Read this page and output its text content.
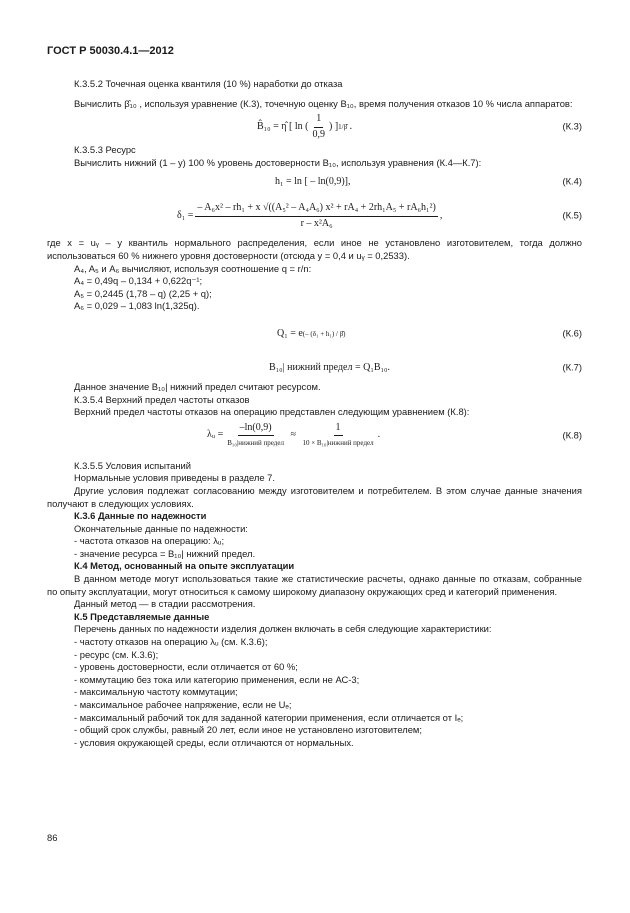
ГОСТ Р 50030.4.1—2012

К.3.5.2 Точечная оценка квантиля (10 %) наработки до отказа

Вычислить β̂₁₀ , используя уравнение (К.3), точечную оценку B₁₀, время получения отказов 10 % числа аппаратов:

B̂₁₀ = η̂ [ ln ( $\frac{1}{0,9}$ ) ] 1/β̂ .	(К.3)

К.3.5.3 Ресурс

Вычислить нижний (1 – y) 100 % уровень достоверности B₁₀, используя уравнения (К.4—К.7):

h₁ = ln [ – ln(0,9)],	(К.4)
$\delta_1 = \frac{\text{– A₆x² – rh₁ + x √((A₅² – A₄A₆) x² + rA₄ + 2rh₁A₅ + rA₆h₁²)}}{\text{r – x²A₆}}$ ,	(К.5)

где x = uᵧ – y квантиль нормального распределения, если иное не установлено изготовителем, тогда должно использоваться 60 % нижнего уровня достоверности (отсюда y = 0,4 и uᵧ = 0,2533).

A₄, A₅ и A₆ вычисляют, используя соотношение q = r/n:

A₄ = 0,49q – 0,134 + 0,622q⁻¹;

A₅ = 0,2445 (1,78 – q) (2,25 + q);

A₆ = 0,029 – 1,083 ln(1,325q).

Q₁ = e (– (δ₁ + h₁) / β̂)	(К.6)
B₁₀| нижний предел = Q₁B₁₀.	(К.7)

Данное значение B₁₀| нижний предел считают ресурсом.

К.3.5.4 Верхний предел частоты отказов

Верхний предел частоты отказов на операцию представлен следующим уравнением (К.8):

λᵤ = $\frac{-\ln(0,9)}{\text{B₁₀|нижний предел}}$
≈
$\frac{1}{\text{10 × B₁₀|нижний предел}}$ .	(К.8)

К.3.5.5 Условия испытаний

Нормальные условия приведены в разделе 7.

Другие условия подлежат согласованию между изготовителем и потребителем. В этом случае данные значения получают в следующих условиях.

К.3.6 Данные по надежности

Окончательные данные по надежности:

- частота отказов на операцию: λᵤ;

- значение ресурса = B₁₀| нижний предел.

К.4 Метод, основанный на опыте эксплуатации

В данном методе могут использоваться такие же статистические расчеты, однако данные по отказам, собранные по опыту эксплуатации, могут относиться к самому широкому диапазону окружающих сред и категорий применения.

Данный метод — в стадии рассмотрения.

К.5 Представляемые данные

Перечень данных по надежности изделия должен включать в себя следующие характеристики:

- частоту отказов на операцию λᵤ (см. К.3.6);

- ресурс (см. К.3.6);

- уровень достоверности, если отличается от 60 %;

- коммутацию без тока или категорию применения, если не АС-3;

- максимальную частоту коммутации;

- максимальное рабочее напряжение, если не Uₑ;

- максимальный рабочий ток для заданной категории применения, если отличается от Iₑ;

- общий срок службы, равный 20 лет, если иное не установлено изготовителем;

- условия окружающей среды, если отличаются от нормальных.

86
